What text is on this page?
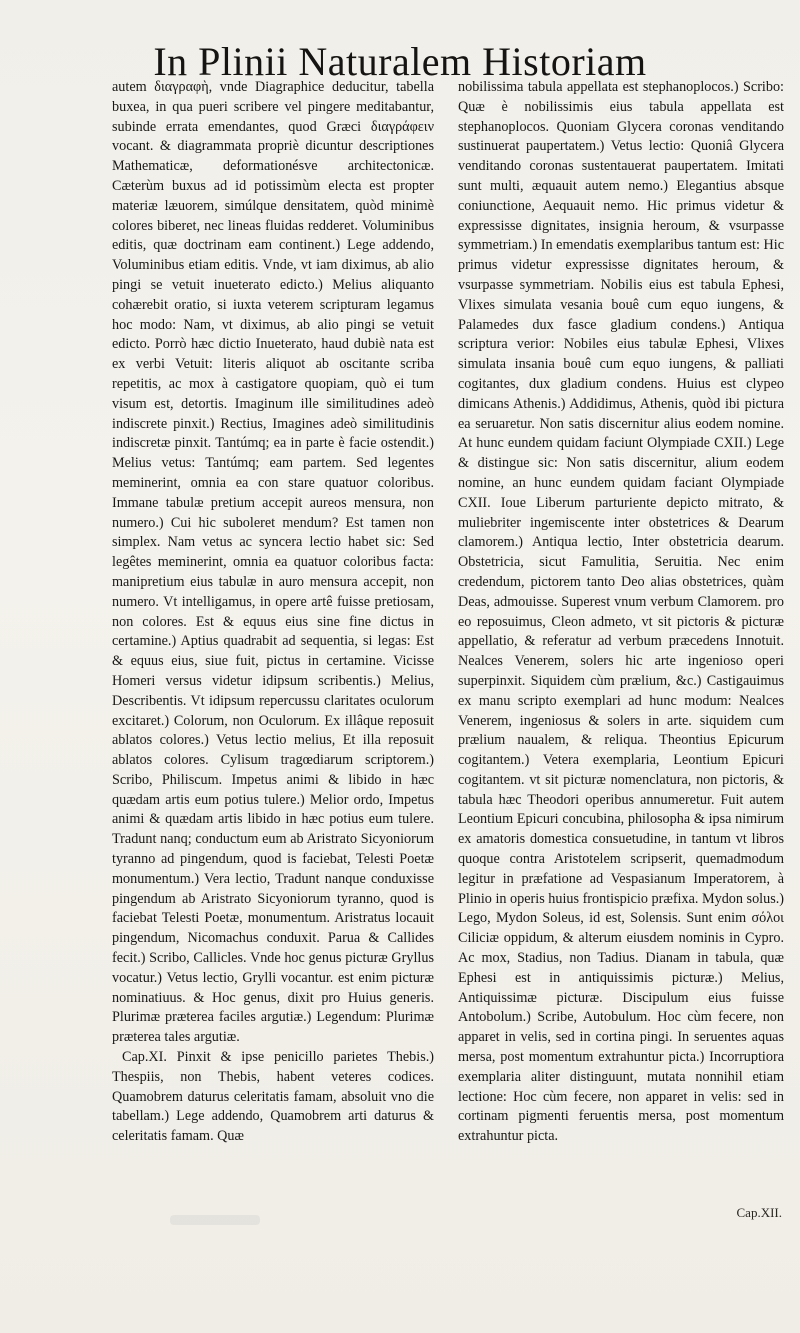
In Plinii Naturalem Historiam

autem διαγραφὴ, vnde Diagraphice deducitur, tabella buxea, in qua pueri scribere vel pingere meditabantur, subinde errata emendantes, quod Græci διαγράφειν vocant. & diagrammata propriè dicuntur descriptiones Mathematicæ, deformationésve architectonicæ. Cæterùm buxus ad id potissimùm electa est propter materiæ læuorem, simúlque densitatem, quòd minimè colores biberet, nec lineas fluidas redderet. Voluminibus editis, quæ doctrinam eam continent.) Lege addendo, Voluminibus etiam editis. Vnde, vt iam diximus, ab alio pingi se vetuit inueterato edicto.) Melius aliquanto cohærebit oratio, si iuxta veterem scripturam legamus hoc modo: Nam, vt diximus, ab alio pingi se vetuit edicto. Porrò hæc dictio Inueterato, haud dubiè nata est ex verbi Vetuit: literis aliquot ab oscitante scriba repetitis, ac mox à castigatore quopiam, quò ei tum visum est, detortis. Imaginum ille similitudines adeò indiscrete pinxit.) Rectius, Imagines adeò similitudinis indiscretæ pinxit. Tantúmq; ea in parte è facie ostendit.) Melius vetus: Tantúmq; eam partem. Sed legentes meminerint, omnia ea con stare quatuor coloribus. Immane tabulæ pretium accepit aureos mensura, non numero.) Cui hic suboleret mendum? Est tamen non simplex. Nam vetus ac syncera lectio habet sic: Sed legêtes meminerint, omnia ea quatuor coloribus facta: manipretium eius tabulæ in auro mensura accepit, non numero. Vt intelligamus, in opere artê fuisse pretiosam, non colores. Est & equus eius sine fine dictus in certamine.) Aptius quadrabit ad sequentia, si legas: Est & equus eius, siue fuit, pictus in certamine. Vicisse Homeri versus videtur idipsum scribentis.) Melius, Describentis. Vt idipsum repercussu claritates oculorum excitaret.) Colorum, non Oculorum. Ex illâque reposuit ablatos colores.) Vetus lectio melius, Et illa reposuit ablatos colores. Cylisum tragœdiarum scriptorem.) Scribo, Philiscum. Impetus animi & libido in hæc quædam artis eum potius tulere.) Melior ordo, Impetus animi & quædam artis libido in hæc potius eum tulere. Tradunt nanq; conductum eum ab Aristrato Sicyoniorum tyranno ad pingendum, quod is faciebat, Telesti Poetæ monumentum.) Vera lectio, Tradunt nanque conduxisse pingendum ab Aristrato Sicyoniorum tyranno, quod is faciebat Telesti Poetæ, monumentum. Aristratus locauit pingendum, Nicomachus conduxit. Parua & Callides fecit.) Scribo, Callicles. Vnde hoc genus picturæ Gryllus vocatur.) Vetus lectio, Grylli vocantur. est enim picturæ nominatiuus. & Hoc genus, dixit pro Huius generis. Plurimæ præterea faciles argutiæ.) Legendum: Plurimæ præterea tales argutiæ.

Cap.XI. Pinxit & ipse penicillo parietes Thebis.) Thespiis, non Thebis, habent veteres codices. Quamobrem daturus celeritatis famam, absoluit vno die tabellam.) Lege addendo, Quamobrem arti daturus & celeritatis famam. Quæ

nobilissima tabula appellata est stephanoplocos.) Scribo: Quæ è nobilissimis eius tabula appellata est stephanoplocos. Quoniam Glycera coronas venditando sustinuerat paupertatem.) Vetus lectio: Quoniâ Glycera venditando coronas sustentauerat paupertatem. Imitati sunt multi, æquauit autem nemo.) Elegantius absque coniunctione, Aequauit nemo. Hic primus videtur & expressisse dignitates, insignia heroum, & vsurpasse symmetriam.) In emendatis exemplaribus tantum est: Hic primus videtur expressisse dignitates heroum, & vsurpasse symmetriam. Nobilis eius est tabula Ephesi, Vlixes simulata vesania bouê cum equo iungens, & Palamedes dux fasce gladium condens.) Antiqua scriptura verior: Nobiles eius tabulæ Ephesi, Vlixes simulata insania bouê cum equo iungens, & palliati cogitantes, dux gladium condens. Huius est clypeo dimicans Athenis.) Addidimus, Athenis, quòd ibi pictura ea seruaretur. Non satis discernitur alius eodem nomine. At hunc eundem quidam faciunt Olympiade CXII.) Lege & distingue sic: Non satis discernitur, alium eodem nomine, an hunc eundem quidam faciant Olympiade CXII. Ioue Liberum parturiente depicto mitrato, & muliebriter ingemiscente inter obstetrices & Dearum clamorem.) Antiqua lectio, Inter obstetricia dearum. Obstetricia, sicut Famulitia, Seruitia. Nec enim credendum, pictorem tanto Deo alias obstetrices, quàm Deas, admouisse. Superest vnum verbum Clamorem. pro eo reposuimus, Cleon admeto, vt sit pictoris & picturæ appellatio, & referatur ad verbum præcedens Innotuit. Nealces Venerem, solers hic arte ingenioso operi superpinxit. Siquidem cùm prælium, &c.) Castigauimus ex manu scripto exemplari ad hunc modum: Nealces Venerem, ingeniosus & solers in arte. siquidem cum prælium naualem, & reliqua. Theontius Epicurum cogitantem.) Vetera exemplaria, Leontium Epicuri cogitantem. vt sit picturæ nomenclatura, non pictoris, & tabula hæc Theodori operibus annumeretur. Fuit autem Leontium Epicuri concubina, philosopha & ipsa nimirum ex amatoris domestica consuetudine, in tantum vt libros quoque contra Aristotelem scripserit, quemadmodum legitur in præfatione ad Vespasianum Imperatorem, à Plinio in operis huius frontispicio præfixa. Mydon solus.) Lego, Mydon Soleus, id est, Solensis. Sunt enim σόλοι Ciliciæ oppidum, & alterum eiusdem nominis in Cypro. Ac mox, Stadius, non Tadius. Dianam in tabula, quæ Ephesi est in antiquissimis picturæ.) Melius, Antiquissimæ picturæ. Discipulum eius fuisse Antobolum.) Scribe, Autobulum. Hoc cùm fecere, non apparet in velis, sed in cortina pingi. In seruentes aquas mersa, post momentum extrahuntur picta.) Incorruptiora exemplaria aliter distinguunt, mutata nonnihil etiam lectione: Hoc cùm fecere, non apparet in velis: sed in cortinam pigmenti feruentis mersa, post momentum extrahuntur picta.

Cap.XII.
